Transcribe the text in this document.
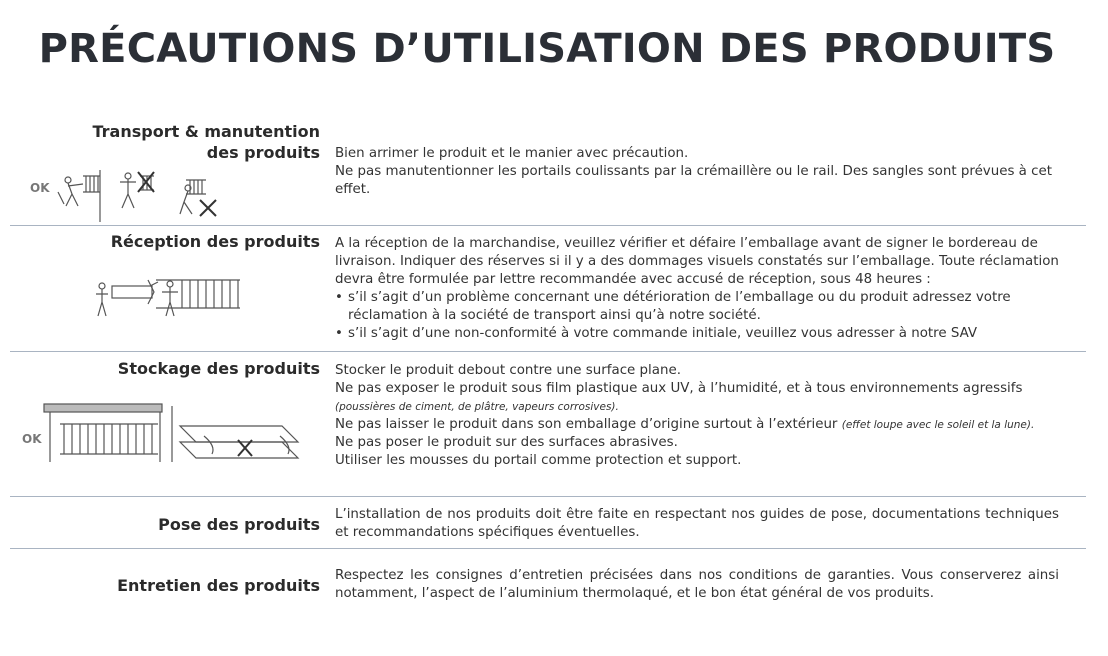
PRÉCAUTIONS D’UTILISATION DES PRODUITS
Transport & manutention
des produits
OK

Bien arrimer le produit et le manier avec précaution.

Ne pas manutentionner les portails coulissants par la crémaillère ou le rail. Des sangles sont prévues à cet effet.

Réception des produits A la réception de la marchandise, veuillez vérifier et défaire l’emballage avant de signer le bordereau de livraison. Indiquer des réserves si il y a des dommages visuels constatés sur l’emballage. Toute réclamation devra être formulée par lettre recommandée avec accusé de réception, sous 48 heures :

• s’il s’agit d’un problème concernant une détérioration de l’emballage ou du produit adressez votre réclamation à la société de transport ainsi qu’à notre société.
• s’il s’agit d’une non-conformité à votre commande initiale, veuillez vous adresser à notre SAV
Stockage des produits
OK

Stocker le produit debout contre une surface plane.

Ne pas exposer le produit sous film plastique aux UV, à l’humidité, et à tous environnements agressifs (poussières de ciment, de plâtre, vapeurs corrosives).

Ne pas laisser le produit dans son emballage d’origine surtout à l’extérieur (effet loupe avec le soleil et la lune).

Ne pas poser le produit sur des surfaces abrasives.

Utiliser les mousses du portail comme protection et support.

Pose des produits

L’installation de nos produits doit être faite en respectant nos guides de pose, documentations techniques et recommandations spécifiques éventuelles.

Entretien des produits

Respectez les consignes d’entretien précisées dans nos conditions de garanties. Vous conserverez ainsi notamment, l’aspect de l’aluminium thermolaqué, et le bon état général de vos produits.
